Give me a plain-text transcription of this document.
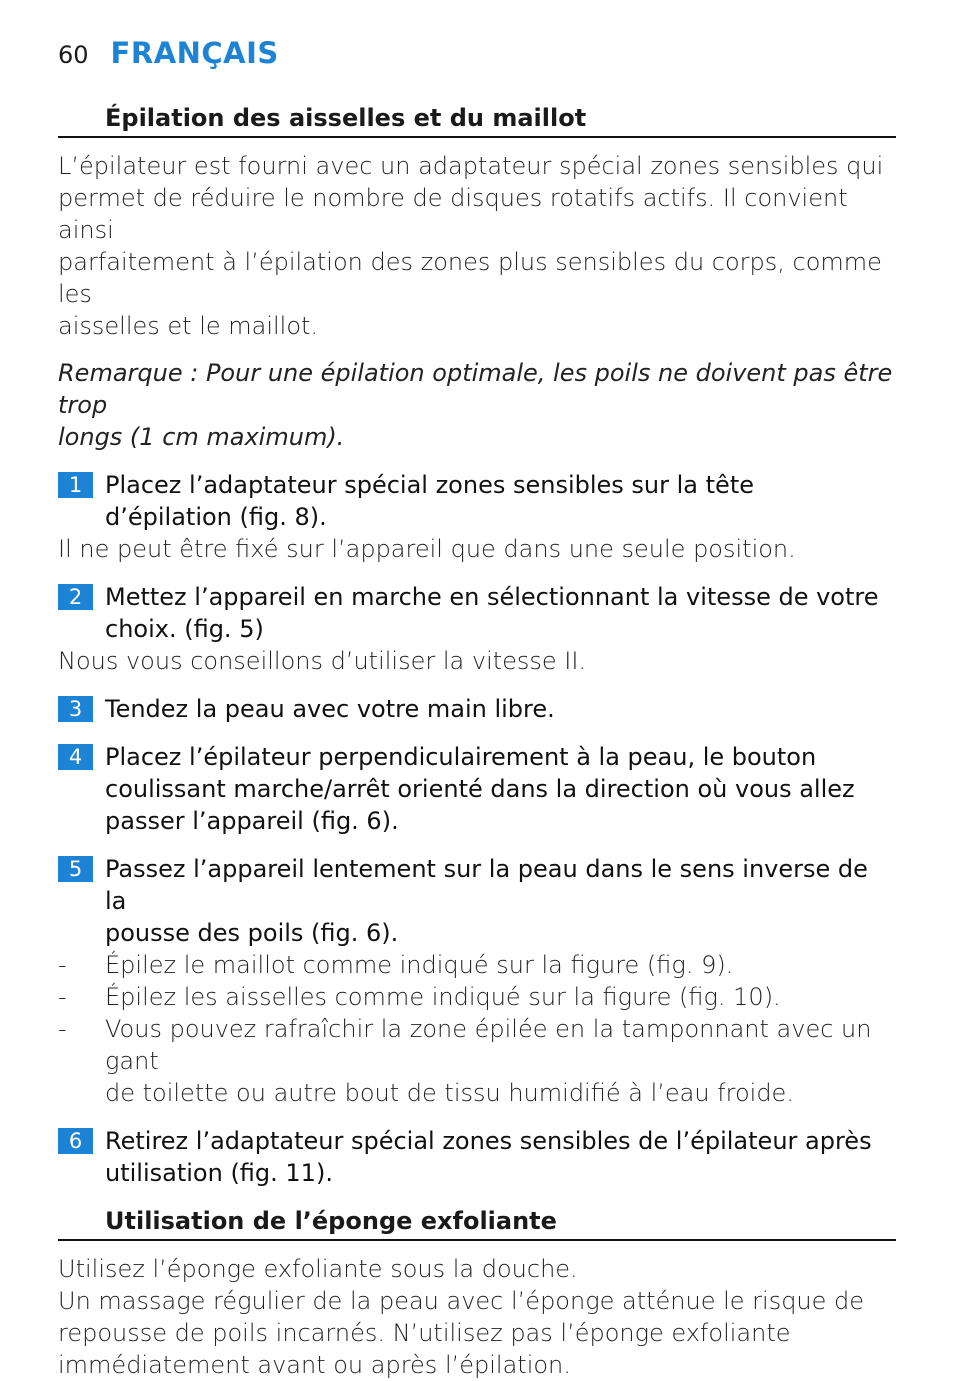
60 FRANÇAIS
Épilation des aisselles et du maillot
L’épilateur est fourni avec un adaptateur spécial zones sensibles qui
permet de réduire le nombre de disques rotatifs actifs. Il convient ainsi
parfaitement à l’épilation des zones plus sensibles du corps, comme les
aisselles et le maillot.
Remarque : Pour une épilation optimale, les poils ne doivent pas être trop
longs (1 cm maximum).
1 Placez l’adaptateur spécial zones sensibles sur la tête
d’épilation (fig. 8).
Il ne peut être fixé sur l’appareil que dans une seule position.
2 Mettez l’appareil en marche en sélectionnant la vitesse de votre
choix. (fig. 5)
Nous vous conseillons d’utiliser la vitesse II.
3 Tendez la peau avec votre main libre.
4 Placez l’épilateur perpendiculairement à la peau, le bouton
coulissant marche/arrêt orienté dans la direction où vous allez
passer l’appareil (fig. 6).
5 Passez l’appareil lentement sur la peau dans le sens inverse de la
pousse des poils (fig. 6).
-	Épilez le maillot comme indiqué sur la figure (fig. 9).
-	Épilez les aisselles comme indiqué sur la figure (fig. 10).
-	Vous pouvez rafraîchir la zone épilée en la tamponnant avec un gant
de toilette ou autre bout de tissu humidifié à l’eau froide.
6 Retirez l’adaptateur spécial zones sensibles de l’épilateur après
utilisation (fig. 11).
Utilisation de l’éponge exfoliante
Utilisez l’éponge exfoliante sous la douche.
Un massage régulier de la peau avec l’éponge atténue le risque de
repousse de poils incarnés. N’utilisez pas l’éponge exfoliante
immédiatement avant ou après l’épilation.
